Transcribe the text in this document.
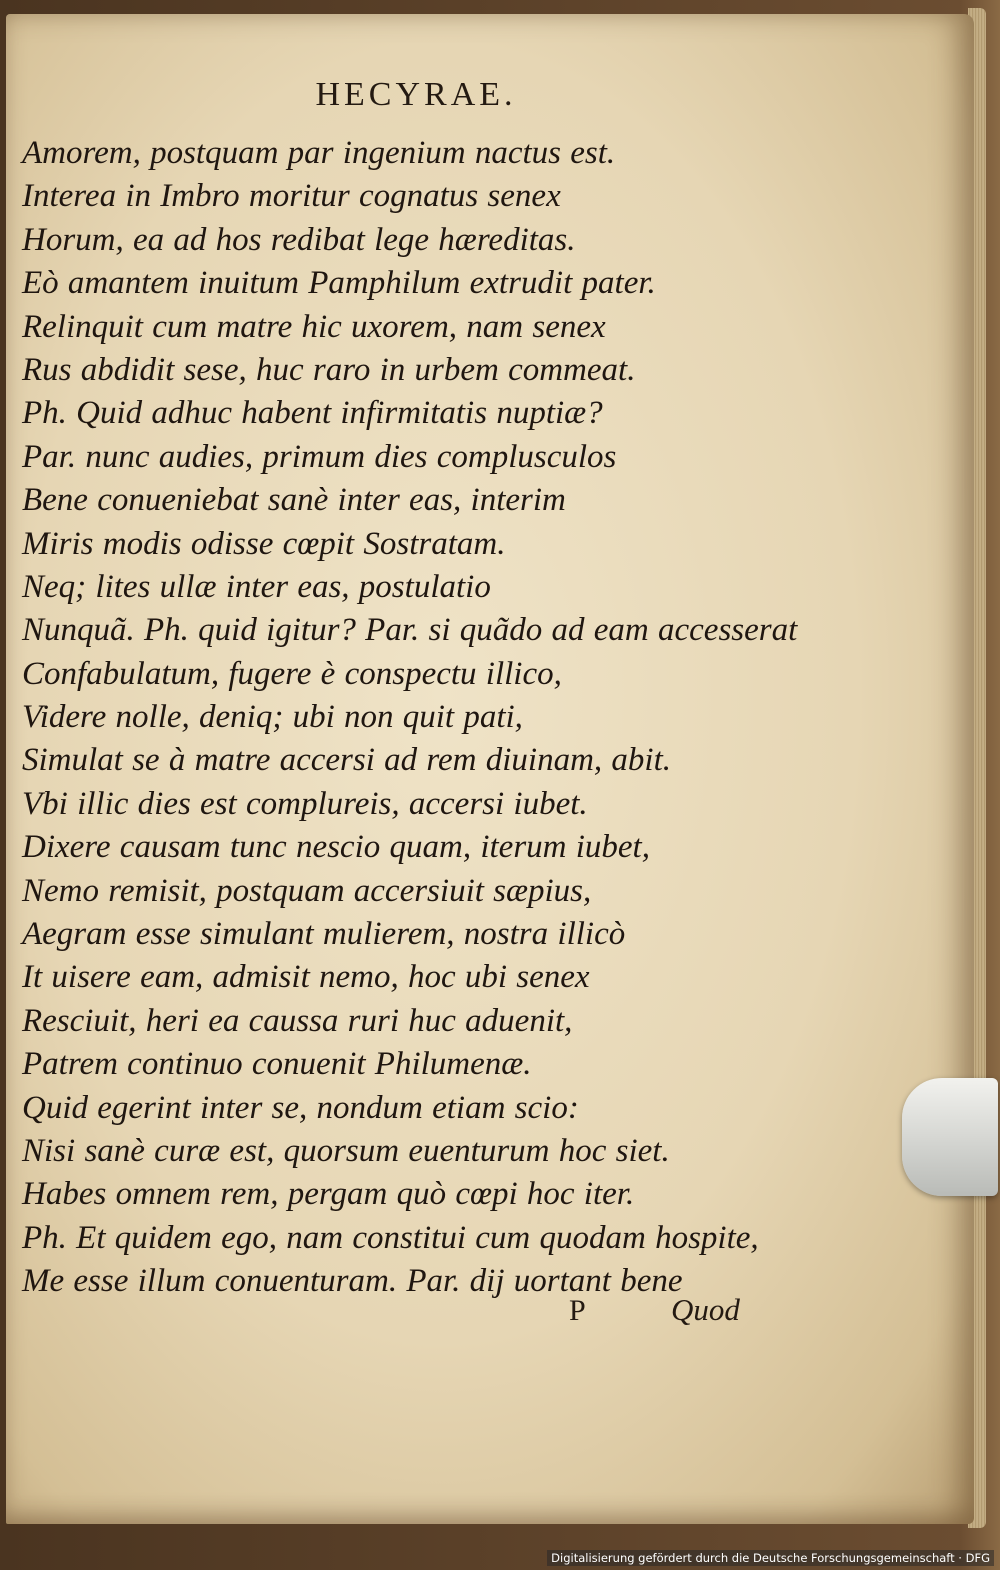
HECYRAE.
Amorem, postquam par ingenium nactus est.
Interea in Imbro moritur cognatus senex
Horum, ea ad hos redibat lege hæreditas.
Eò amantem inuitum Pamphilum extrudit pater.
Relinquit cum matre hic uxorem, nam senex
Rus abdidit sese, huc raro in urbem commeat.
Ph. Quid adhuc habent infirmitatis nuptiæ?
Par. nunc audies, primum dies complusculos
Bene conueniebat sanè inter eas, interim
Miris modis odisse cœpit Sostratam.
Neq; lites ullæ inter eas, postulatio
Nunquã. Ph. quid igitur? Par. si quãdo ad eam accesserat
Confabulatum, fugere è conspectu illico,
Videre nolle, deniq; ubi non quit pati,
Simulat se à matre accersi ad rem diuinam, abit.
Vbi illic dies est complureis, accersi iubet.
Dixere causam tunc nescio quam, iterum iubet,
Nemo remisit, postquam accersiuit sæpius,
Aegram esse simulant mulierem, nostra illicò
It uisere eam, admisit nemo, hoc ubi senex
Resciuit, heri ea caussa ruri huc aduenit,
Patrem continuo conuenit Philumenæ.
Quid egerint inter se, nondum etiam scio:
Nisi sanè curæ est, quorsum euenturum hoc siet.
Habes omnem rem, pergam quò cœpi hoc iter.
Ph. Et quidem ego, nam constitui cum quodam hospite,
Me esse illum conuenturam. Par. dij uortant bene
P	Quod
Digitalisierung gefördert durch die Deutsche Forschungsgemeinschaft · DFG
